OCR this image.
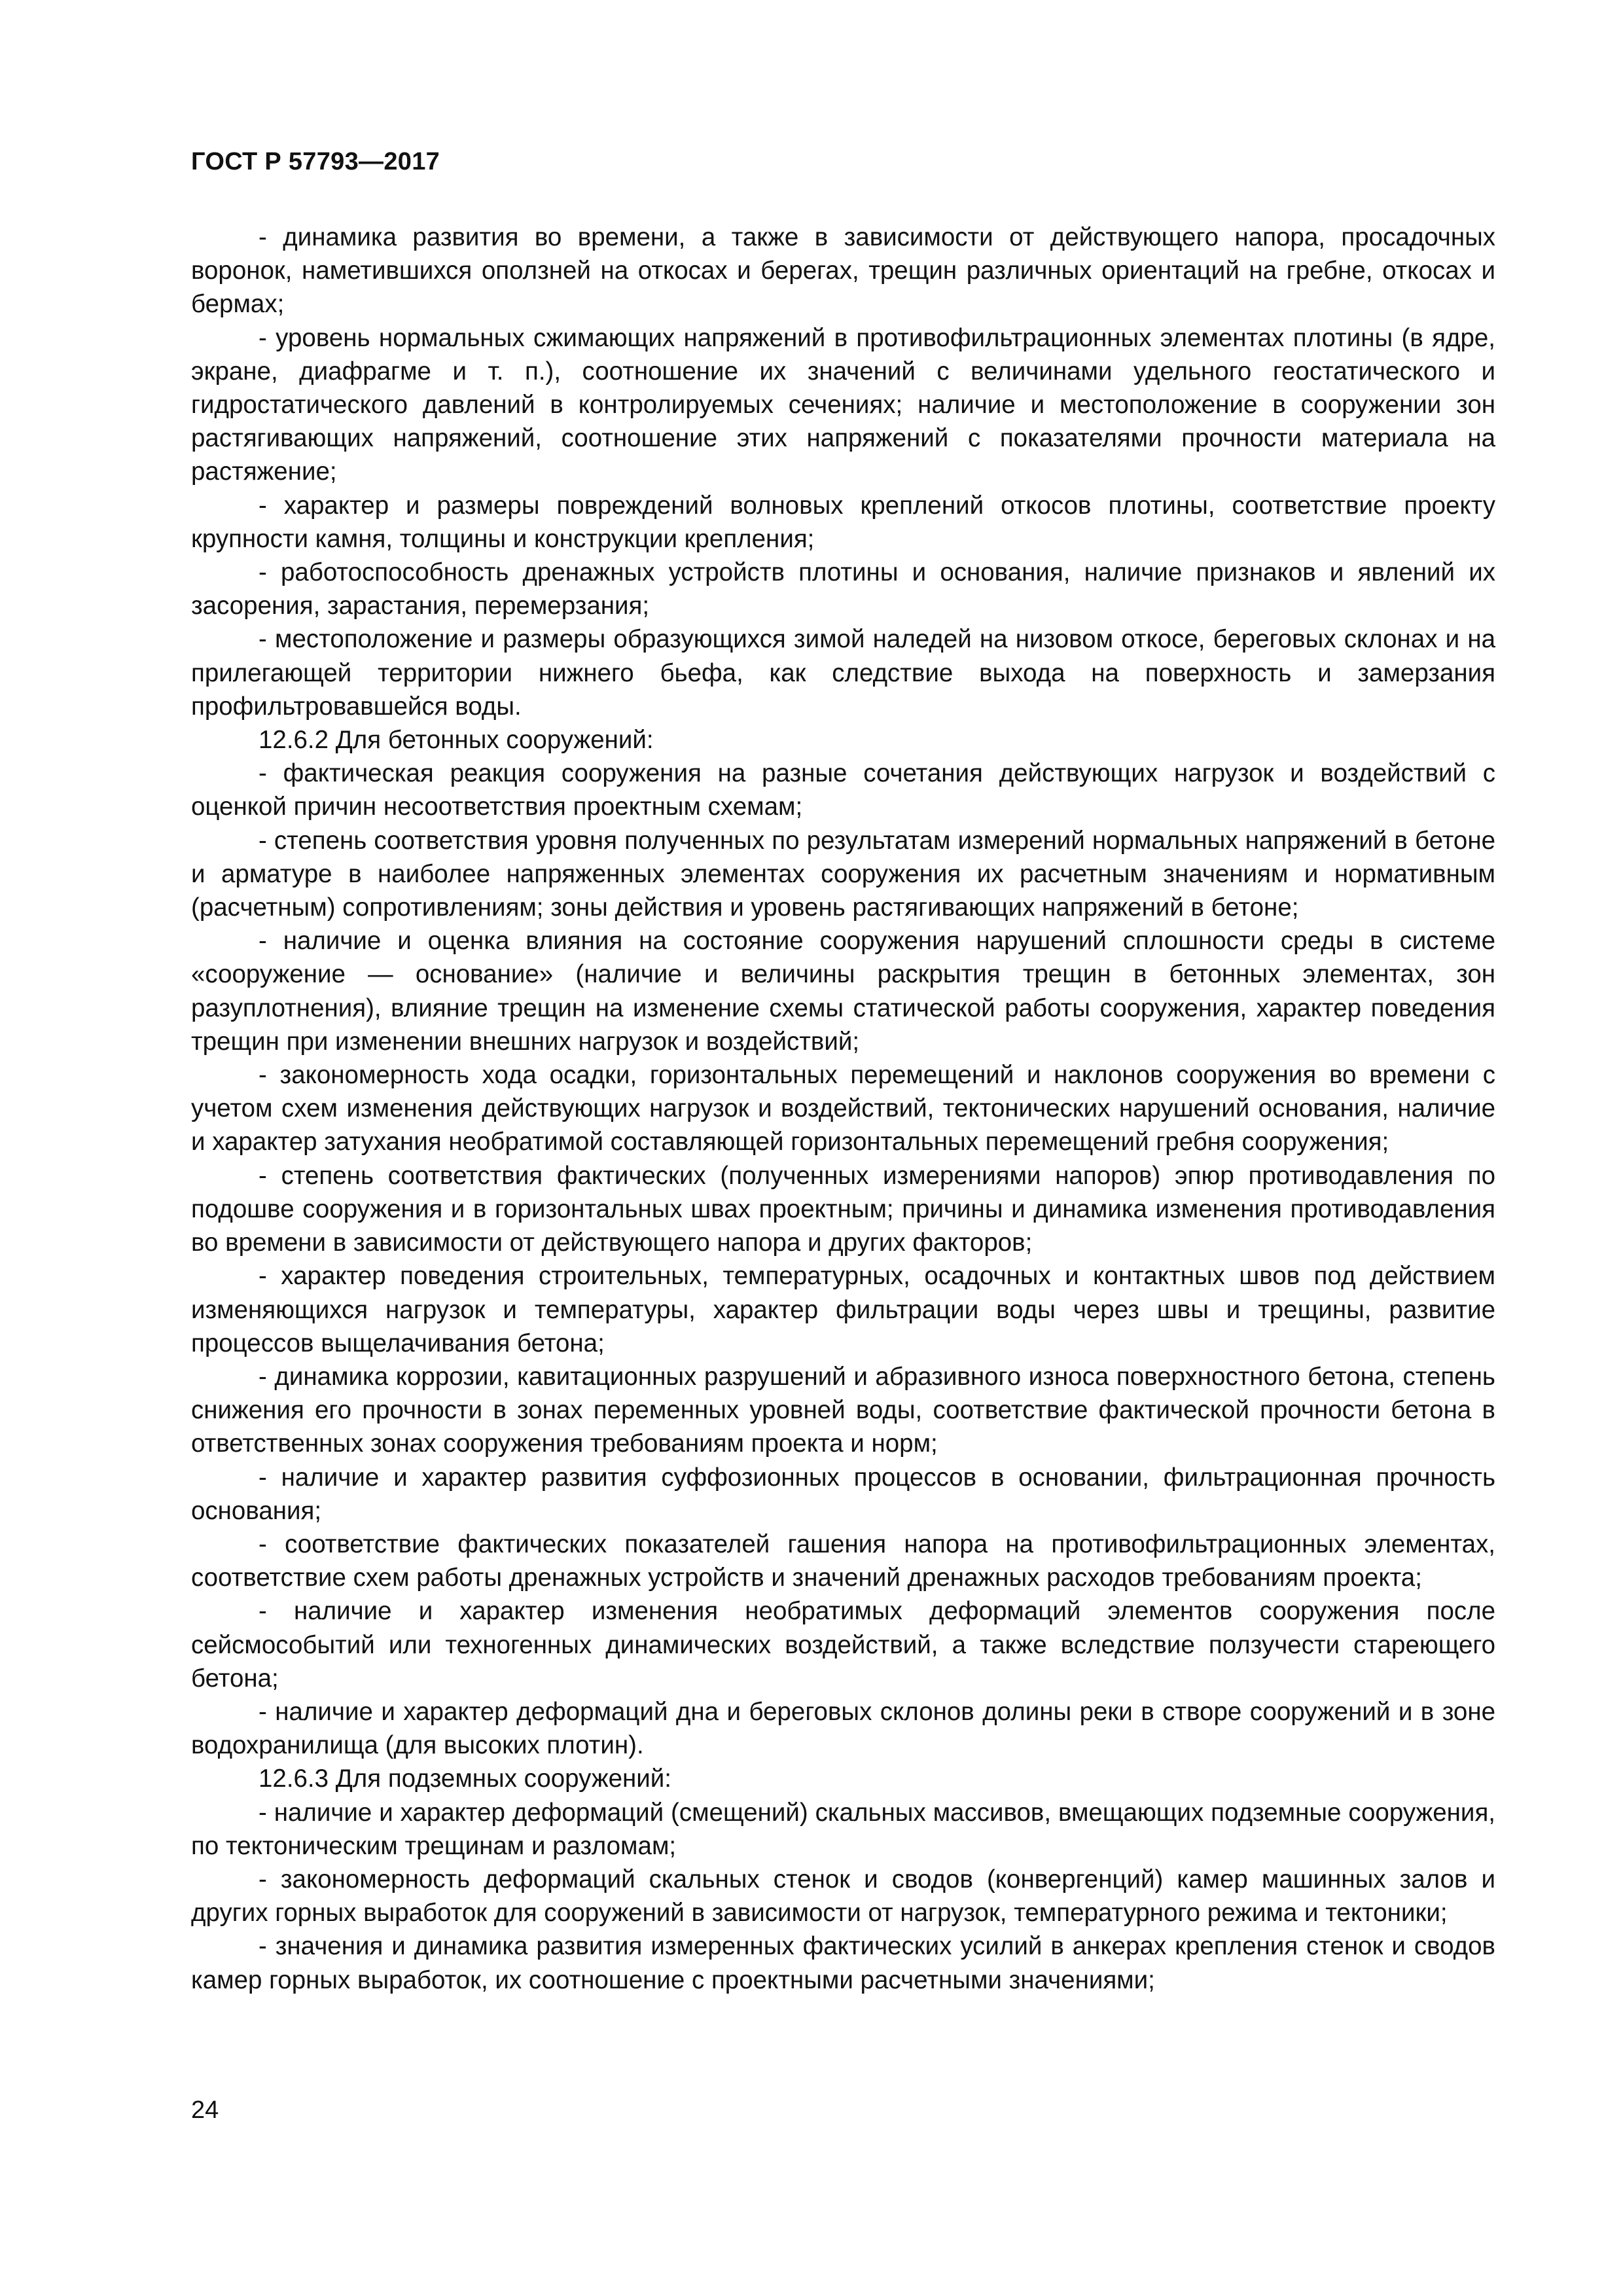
ГОСТ Р 57793—2017

- динамика развития во времени, а также в зависимости от действующего напора, просадочных воронок, наметившихся оползней на откосах и берегах, трещин различных ориентаций на гребне, откосах и бермах;

- уровень нормальных сжимающих напряжений в противофильтрационных элементах плотины (в ядре, экране, диафрагме и т. п.), соотношение их значений с величинами удельного геостатического и гидростатического давлений в контролируемых сечениях; наличие и местоположение в сооружении зон растягивающих напряжений, соотношение этих напряжений с показателями прочности материала на растяжение;

- характер и размеры повреждений волновых креплений откосов плотины, соответствие проекту крупности камня, толщины и конструкции крепления;

- работоспособность дренажных устройств плотины и основания, наличие признаков и явлений их засорения, зарастания, перемерзания;

- местоположение и размеры образующихся зимой наледей на низовом откосе, береговых склонах и на прилегающей территории нижнего бьефа, как следствие выхода на поверхность и замерзания профильтровавшейся воды.

12.6.2 Для бетонных сооружений:

- фактическая реакция сооружения на разные сочетания действующих нагрузок и воздействий с оценкой причин несоответствия проектным схемам;

- степень соответствия уровня полученных по результатам измерений нормальных напряжений в бетоне и арматуре в наиболее напряженных элементах сооружения их расчетным значениям и нормативным (расчетным) сопротивлениям; зоны действия и уровень растягивающих напряжений в бетоне;

- наличие и оценка влияния на состояние сооружения нарушений сплошности среды в системе «сооружение — основание» (наличие и величины раскрытия трещин в бетонных элементах, зон разуплотнения), влияние трещин на изменение схемы статической работы сооружения, характер поведения трещин при изменении внешних нагрузок и воздействий;

- закономерность хода осадки, горизонтальных перемещений и наклонов сооружения во времени с учетом схем изменения действующих нагрузок и воздействий, тектонических нарушений основания, наличие и характер затухания необратимой составляющей горизонтальных перемещений гребня сооружения;

- степень соответствия фактических (полученных измерениями напоров) эпюр противодавления по подошве сооружения и в горизонтальных швах проектным; причины и динамика изменения противодавления во времени в зависимости от действующего напора и других факторов;

- характер поведения строительных, температурных, осадочных и контактных швов под действием изменяющихся нагрузок и температуры, характер фильтрации воды через швы и трещины, развитие процессов выщелачивания бетона;

- динамика коррозии, кавитационных разрушений и абразивного износа поверхностного бетона, степень снижения его прочности в зонах переменных уровней воды, соответствие фактической прочности бетона в ответственных зонах сооружения требованиям проекта и норм;

- наличие и характер развития суффозионных процессов в основании, фильтрационная прочность основания;

- соответствие фактических показателей гашения напора на противофильтрационных элементах, соответствие схем работы дренажных устройств и значений дренажных расходов требованиям проекта;

- наличие и характер изменения необратимых деформаций элементов сооружения после сейсмособытий или техногенных динамических воздействий, а также вследствие ползучести стареющего бетона;

- наличие и характер деформаций дна и береговых склонов долины реки в створе сооружений и в зоне водохранилища (для высоких плотин).

12.6.3 Для подземных сооружений:

- наличие и характер деформаций (смещений) скальных массивов, вмещающих подземные сооружения, по тектоническим трещинам и разломам;

- закономерность деформаций скальных стенок и сводов (конвергенций) камер машинных залов и других горных выработок для сооружений в зависимости от нагрузок, температурного режима и тектоники;

- значения и динамика развития измеренных фактических усилий в анкерах крепления стенок и сводов камер горных выработок, их соотношение с проектными расчетными значениями;

24
